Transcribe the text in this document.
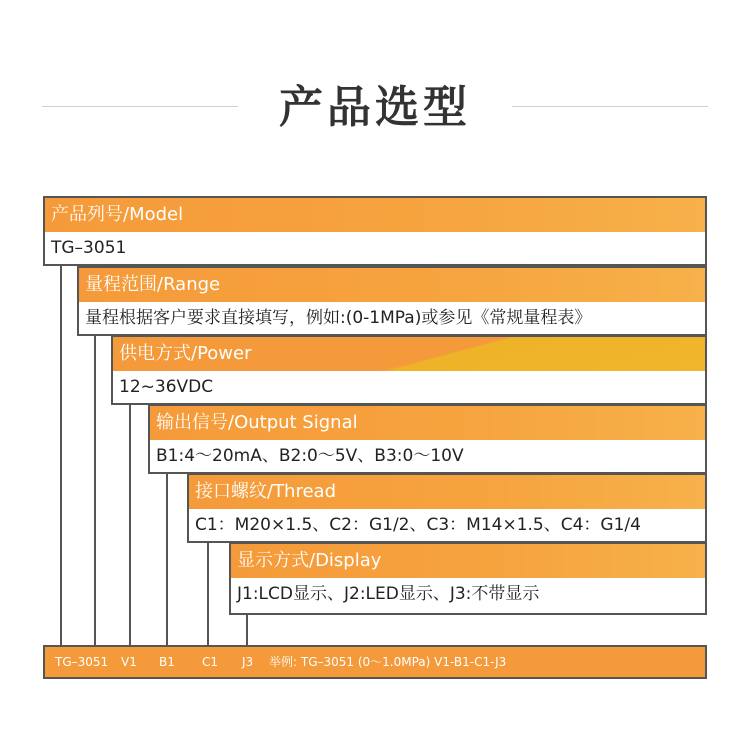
产品选型
产品列号/Model
TG–3051
量程范围/Range
量程根据客户要求直接填写，例如:(0-1MPa)或参见《常规量程表》
供电方式/Power
12~36VDC
输出信号/Output Signal
B1:4～20mA、B2:0～5V、B3:0～10V
接口螺纹/Thread
C1：M20×1.5、C2：G1/2、C3：M14×1.5、C4：G1/4
显示方式/Display
J1:LCD显示、J2:LED显示、J3:不带显示
TG–3051 V1 B1 C1 J3 举例: TG–3051 (0～1.0MPa) V1-B1-C1-J3
